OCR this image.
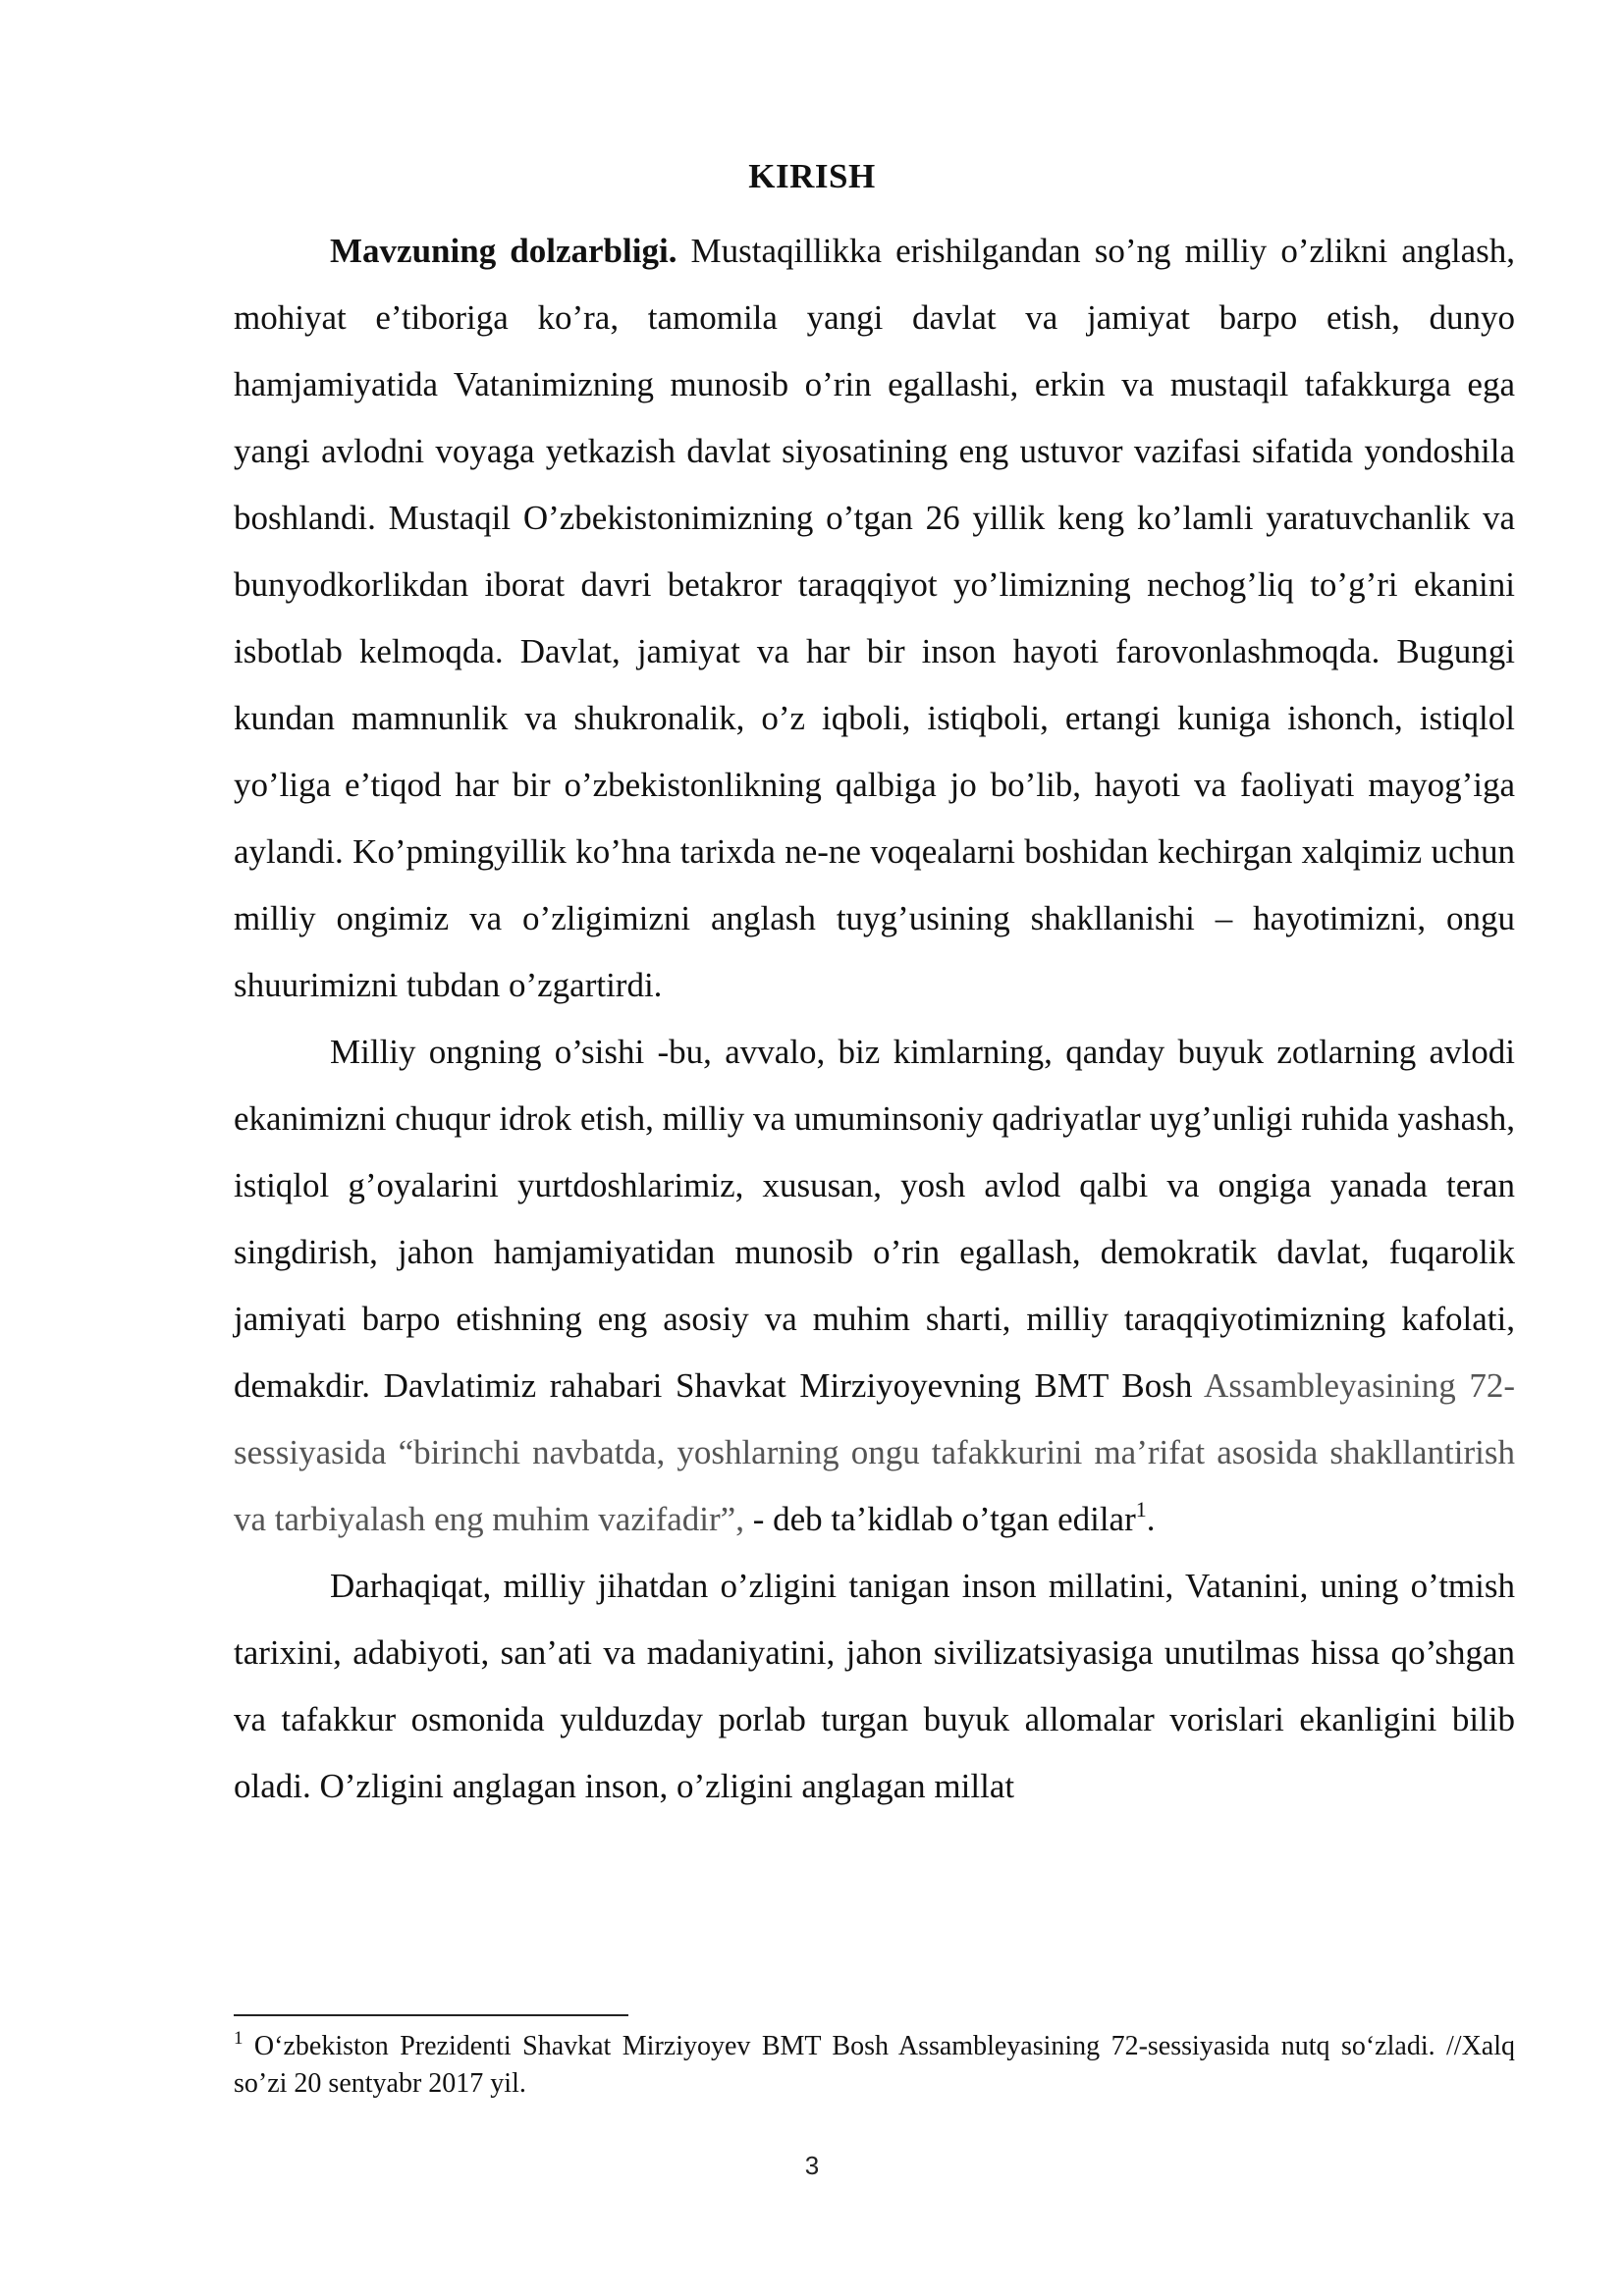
KIRISH

Mavzuning dolzarbligi. Mustaqillikka erishilgandan so’ng milliy o’zlikni anglash, mohiyat e’tiboriga ko’ra, tamomila yangi davlat va jamiyat barpo etish, dunyo hamjamiyatida Vatanimizning munosib o’rin egallashi, erkin va mustaqil tafakkurga ega yangi avlodni voyaga yetkazish davlat siyosatining eng ustuvor vazifasi sifatida yondoshila boshlandi. Mustaqil O’zbekistonimizning o’tgan 26 yillik keng ko’lamli yaratuvchanlik va bunyodkorlikdan iborat davri betakror taraqqiyot yo’limizning nechog’liq to’g’ri ekanini isbotlab kelmoqda. Davlat, jamiyat va har bir inson hayoti farovonlashmoqda. Bugungi kundan mamnunlik va shukronalik, o’z iqboli, istiqboli, ertangi kuniga ishonch, istiqlol yo’liga e’tiqod har bir o’zbekistonlikning qalbiga jo bo’lib, hayoti va faoliyati mayog’iga aylandi. Ko’pmingyillik ko’hna tarixda ne-ne voqealarni boshidan kechirgan xalqimiz uchun milliy ongimiz va o’zligimizni anglash tuyg’usining shakllanishi – hayotimizni, ongu shuurimizni tubdan o’zgartirdi.

Milliy ongning o’sishi -bu, avvalo, biz kimlarning, qanday buyuk zotlarning avlodi ekanimizni chuqur idrok etish, milliy va umuminsoniy qadriyatlar uyg’unligi ruhida yashash, istiqlol g’oyalarini yurtdoshlarimiz, xususan, yosh avlod qalbi va ongiga yanada teran singdirish, jahon hamjamiyatidan munosib o’rin egallash, demokratik davlat, fuqarolik jamiyati barpo etishning eng asosiy va muhim sharti, milliy taraqqiyotimizning kafolati, demakdir. Davlatimiz rahabari Shavkat Mirziyoyevning BMT Bosh Assambleyasining 72-sessiyasida “birinchi navbatda, yoshlarning ongu tafakkurini ma’rifat asosida shakllantirish va tarbiyalash eng muhim vazifadir”, - deb ta’kidlab o’tgan edilar$^1$.

Darhaqiqat, milliy jihatdan o’zligini tanigan inson millatini, Vatanini, uning o’tmish tarixini, adabiyoti, san’ati va madaniyatini, jahon sivilizatsiyasiga unutilmas hissa qo’shgan va tafakkur osmonida yulduzday porlab turgan buyuk allomalar vorislari ekanligini bilib oladi. O’zligini anglagan inson, o’zligini anglagan millat

$^1$ O‘zbekiston Prezidenti Shavkat Mirziyoyev BMT Bosh Assambleyasining 72-sessiyasida nutq so‘zladi. //Xalq so’zi 20 sentyabr 2017 yil.
3
